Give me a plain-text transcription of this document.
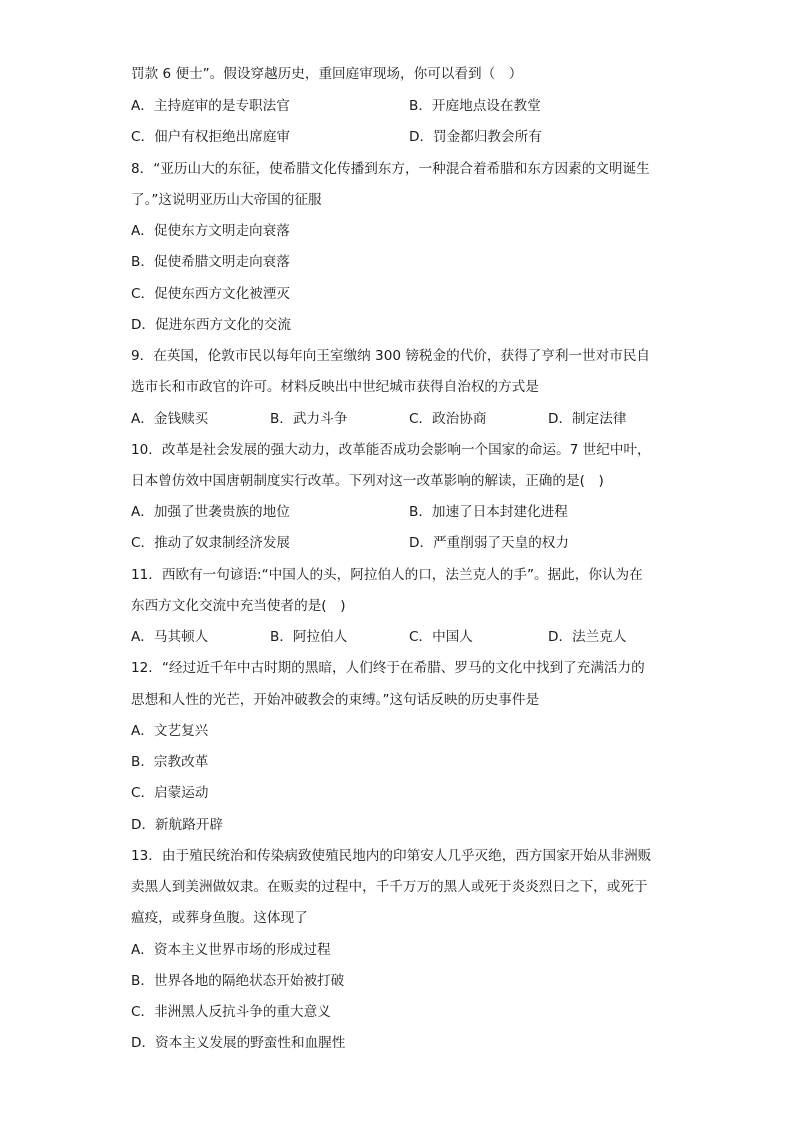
罚款 6 便士”。假设穿越历史，重回庭审现场，你可以看到（　）
A．主持庭审的是专职法官	B．开庭地点设在教堂
C．佃户有权拒绝出席庭审	D．罚金都归教会所有
8．“亚历山大的东征，使希腊文化传播到东方，一种混合着希腊和东方因素的文明诞生
了。”这说明亚历山大帝国的征服
A．促使东方文明走向衰落
B．促使希腊文明走向衰落
C．促使东西方文化被湮灭
D．促进东西方文化的交流
9．在英国，伦敦市民以每年向王室缴纳 300 镑税金的代价，获得了亨利一世对市民自
选市长和市政官的许可。材料反映出中世纪城市获得自治权的方式是
A．金钱赎买	B．武力斗争	C．政治协商	D．制定法律
10．改革是社会发展的强大动力，改革能否成功会影响一个国家的命运。7 世纪中叶，
日本曾仿效中国唐朝制度实行改革。下列对这一改革影响的解读，正确的是(　)
A．加强了世袭贵族的地位	B．加速了日本封建化进程
C．推动了奴隶制经济发展	D．严重削弱了天皇的权力
11．西欧有一句谚语:“中国人的头，阿拉伯人的口，法兰克人的手”。据此，你认为在
东西方文化交流中充当使者的是(　)
A．马其顿人	B．阿拉伯人	C．中国人	D．法兰克人
12．“经过近千年中古时期的黑暗，人们终于在希腊、罗马的文化中找到了充满活力的
思想和人性的光芒，开始冲破教会的束缚。”这句话反映的历史事件是
A．文艺复兴
B．宗教改革
C．启蒙运动
D．新航路开辟
13．由于殖民统治和传染病致使殖民地内的印第安人几乎灭绝，西方国家开始从非洲贩
卖黑人到美洲做奴隶。在贩卖的过程中，千千万万的黑人或死于炎炎烈日之下，或死于
瘟疫，或葬身鱼腹。这体现了
A．资本主义世界市场的形成过程
B．世界各地的隔绝状态开始被打破
C．非洲黑人反抗斗争的重大意义
D．资本主义发展的野蛮性和血腥性
